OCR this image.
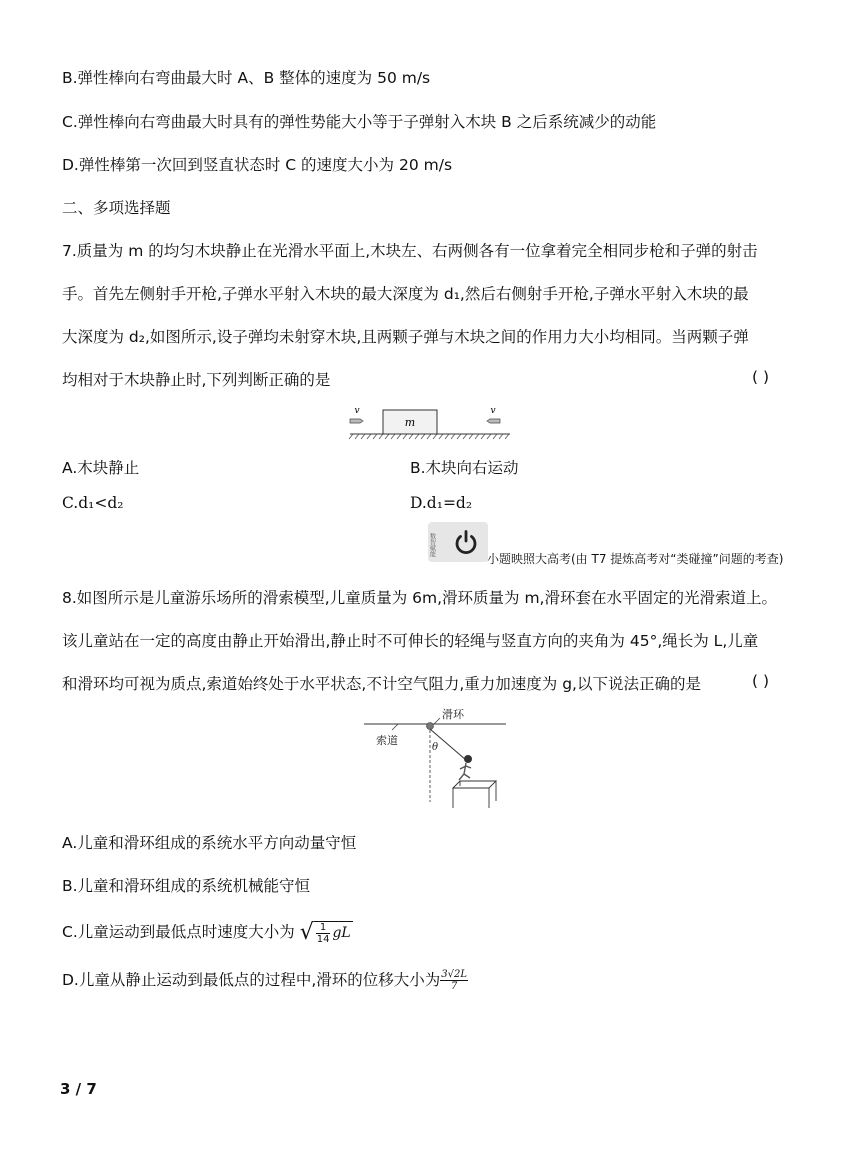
B.弹性棒向右弯曲最大时 A、B 整体的速度为 50 m/s
C.弹性棒向右弯曲最大时具有的弹性势能大小等于子弹射入木块 B 之后系统减少的动能
D.弹性棒第一次回到竖直状态时 C 的速度大小为 20 m/s
二、多项选择题
7.质量为 m 的均匀木块静止在光滑水平面上,木块左、右两侧各有一位拿着完全相同步枪和子弹的射击
手。首先左侧射手开枪,子弹水平射入木块的最大深度为 d₁,然后右侧射手开枪,子弹水平射入木块的最
大深度为 d₂,如图所示,设子弹均未射穿木块,且两颗子弹与木块之间的作用力大小均相同。当两颗子弹
均相对于木块静止时,下列判断正确的是	( )
m
v	v
A.木块静止	B.木块向右运动
C.d₁<d₂	D.d₁=d₂
数智赋能
小题映照大高考(由 T7 提炼高考对“类碰撞”问题的考查)
8.如图所示是儿童游乐场所的滑索模型,儿童质量为 6m,滑环质量为 m,滑环套在水平固定的光滑索道上。
该儿童站在一定的高度由静止开始滑出,静止时不可伸长的轻绳与竖直方向的夹角为 45°,绳长为 L,儿童
和滑环均可视为质点,索道始终处于水平状态,不计空气阻力,重力加速度为 g,以下说法正确的是	( )
索道
滑环
θ
A.儿童和滑环组成的系统水平方向动量守恒
B.儿童和滑环组成的系统机械能守恒
C.儿童运动到最低点时速度大小为 √ $\frac{1}{14}$ gL
D.儿童从静止运动到最低点的过程中,滑环的位移大小为 $\frac{3√2L}{7}$
3 / 7
